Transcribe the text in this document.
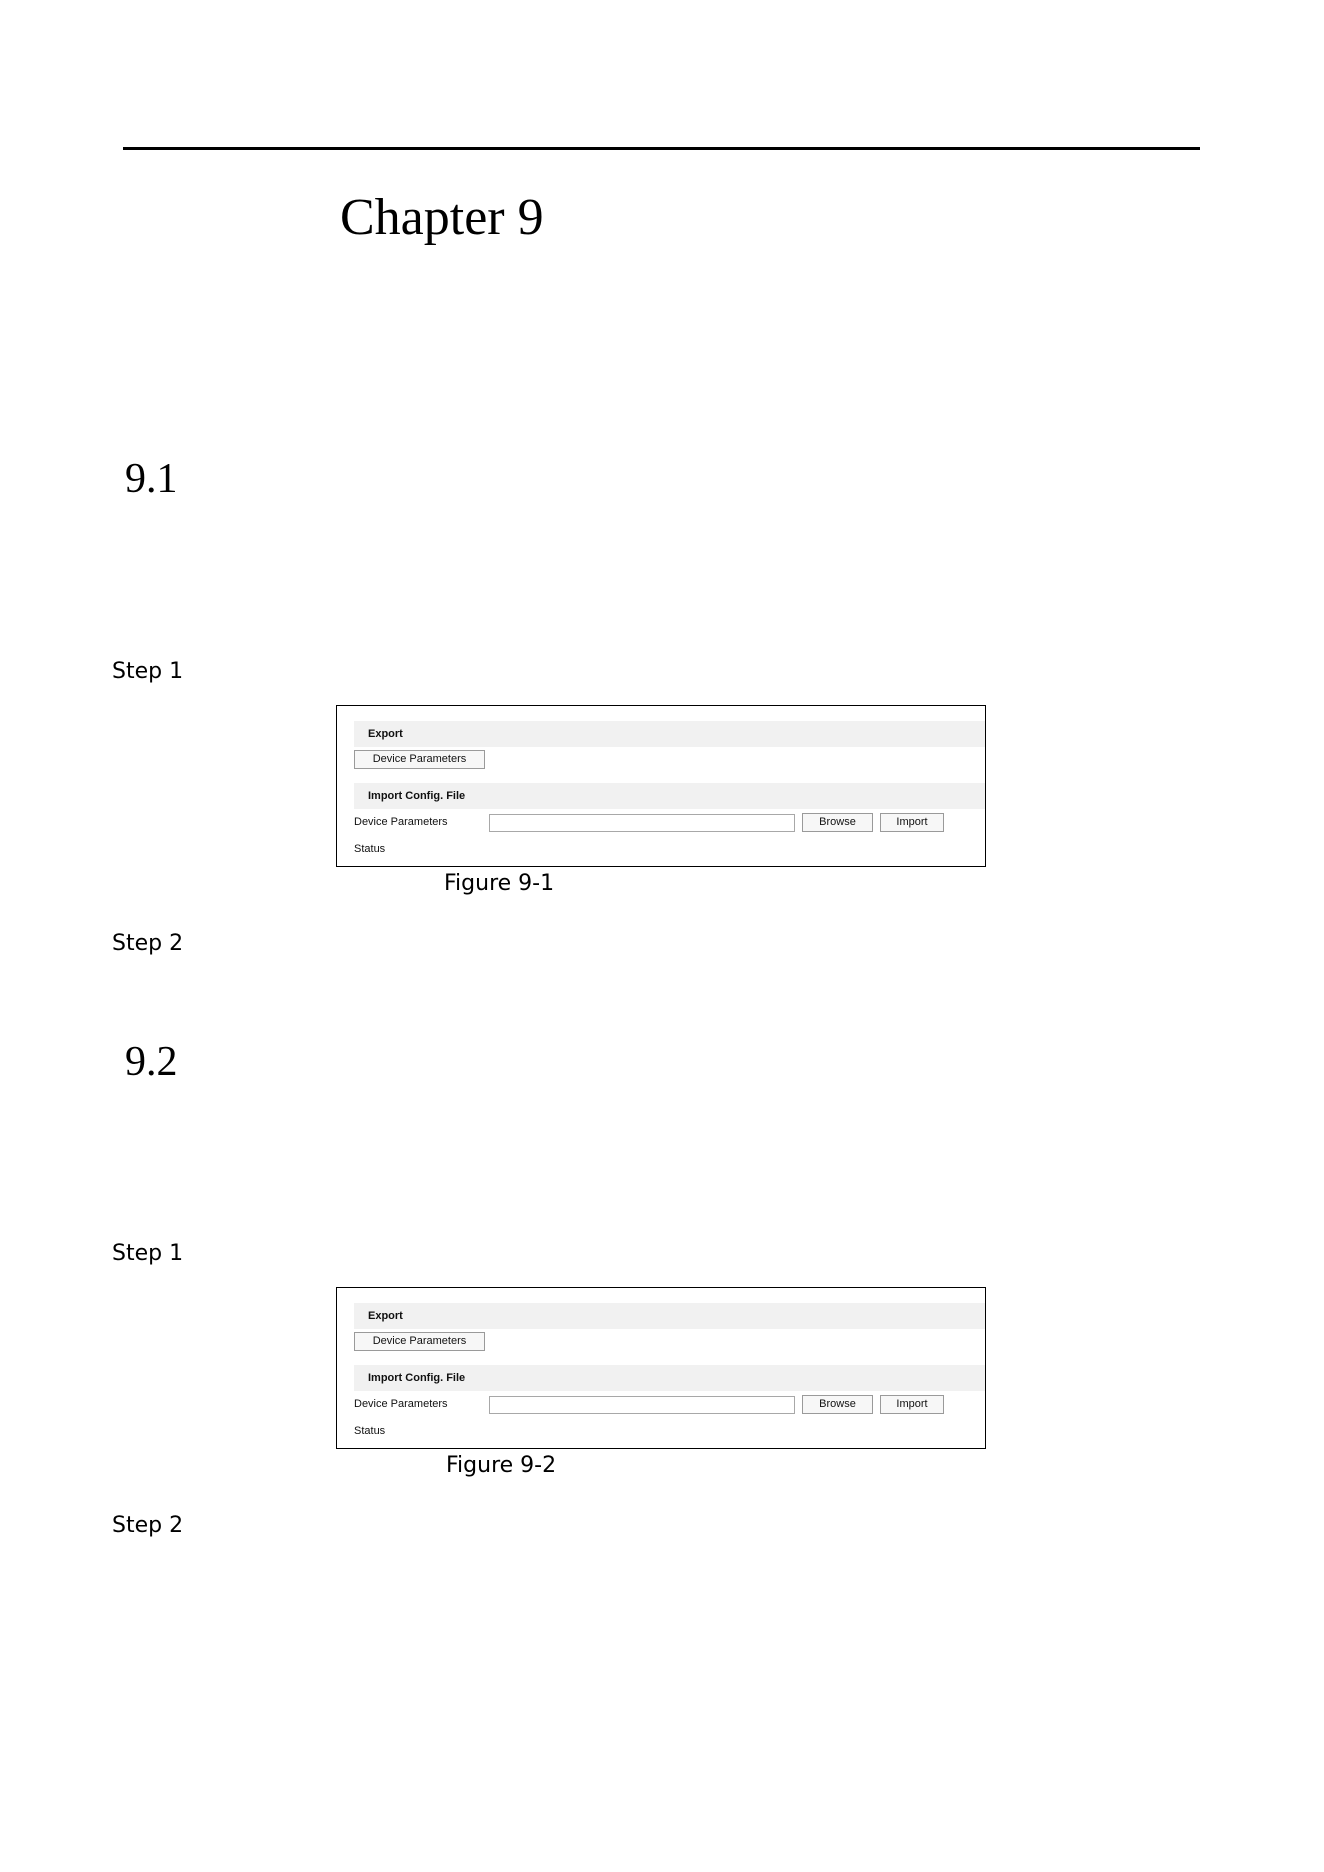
Chapter 9
9.1
Step 1
Export
Device Parameters
Import Config. File
Device Parameters	Browse	Import
Status
Figure 9-1
Step 2
9.2
Step 1
Export
Device Parameters
Import Config. File
Device Parameters	Browse	Import
Status
Figure 9-2
Step 2
